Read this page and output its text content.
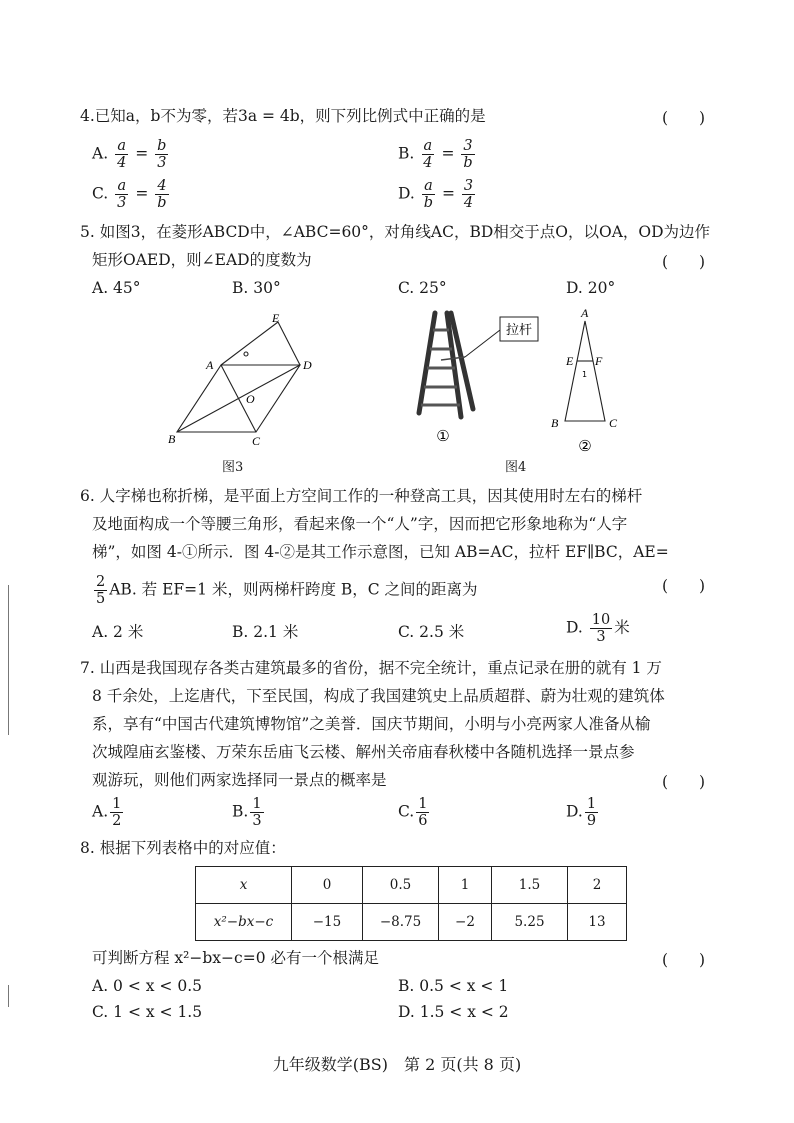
4.已知a，b不为零，若3a = 4b，则下列比例式中正确的是	(　　)
A. $\frac{a}{4} = \frac{b}{3}$	B. $\frac{a}{4} = \frac{3}{b}$
C. $\frac{a}{3} = \frac{4}{b}$	D. $\frac{a}{b} = \frac{3}{4}$
5. 如图3，在菱形ABCD中，∠ABC=60°，对角线AC，BD相交于点O，以OA，OD为边作
矩形OAED，则∠EAD的度数为	(　　)
A. 45°	B. 30°	C. 25°	D. 20°
E
A	D
O
B	C
图3
拉杆
①
A
E F
1
B	C
②
图4
6. 人字梯也称折梯，是平面上方空间工作的一种登高工具，因其使用时左右的梯杆
及地面构成一个等腰三角形，看起来像一个“人”字，因而把它形象地称为“人字
梯”，如图 4-①所示．图 4-②是其工作示意图，已知 AB=AC，拉杆 EF∥BC，AE=
$\frac{2}{5}$ AB. 若 EF=1 米，则两梯杆跨度 B，C 之间的距离为	(　　)
A. 2 米	B. 2.1 米	C. 2.5 米	D. $\frac{10}{3}$ 米
7. 山西是我国现存各类古建筑最多的省份，据不完全统计，重点记录在册的就有 1 万
8 千余处，上迄唐代，下至民国，构成了我国建筑史上品质超群、蔚为壮观的建筑体
系，享有“中国古代建筑博物馆”之美誉．国庆节期间，小明与小亮两家人准备从榆
次城隍庙玄鉴楼、万荣东岳庙飞云楼、解州关帝庙春秋楼中各随机选择一景点参
观游玩，则他们两家选择同一景点的概率是	(　　)
A. $\frac{1}{2}$	B. $\frac{1}{3}$	C. $\frac{1}{6}$	D. $\frac{1}{9}$
8. 根据下列表格中的对应值：
x	0	0.5	1	1.5	2
x²−bx−c	−15	−8.75	−2	5.25	13
可判断方程 x²−bx−c=0 必有一个根满足	(　　)
A. 0 < x < 0.5	B. 0.5 < x < 1
C. 1 < x < 1.5	D. 1.5 < x < 2
九年级数学(BS)　第 2 页(共 8 页)
